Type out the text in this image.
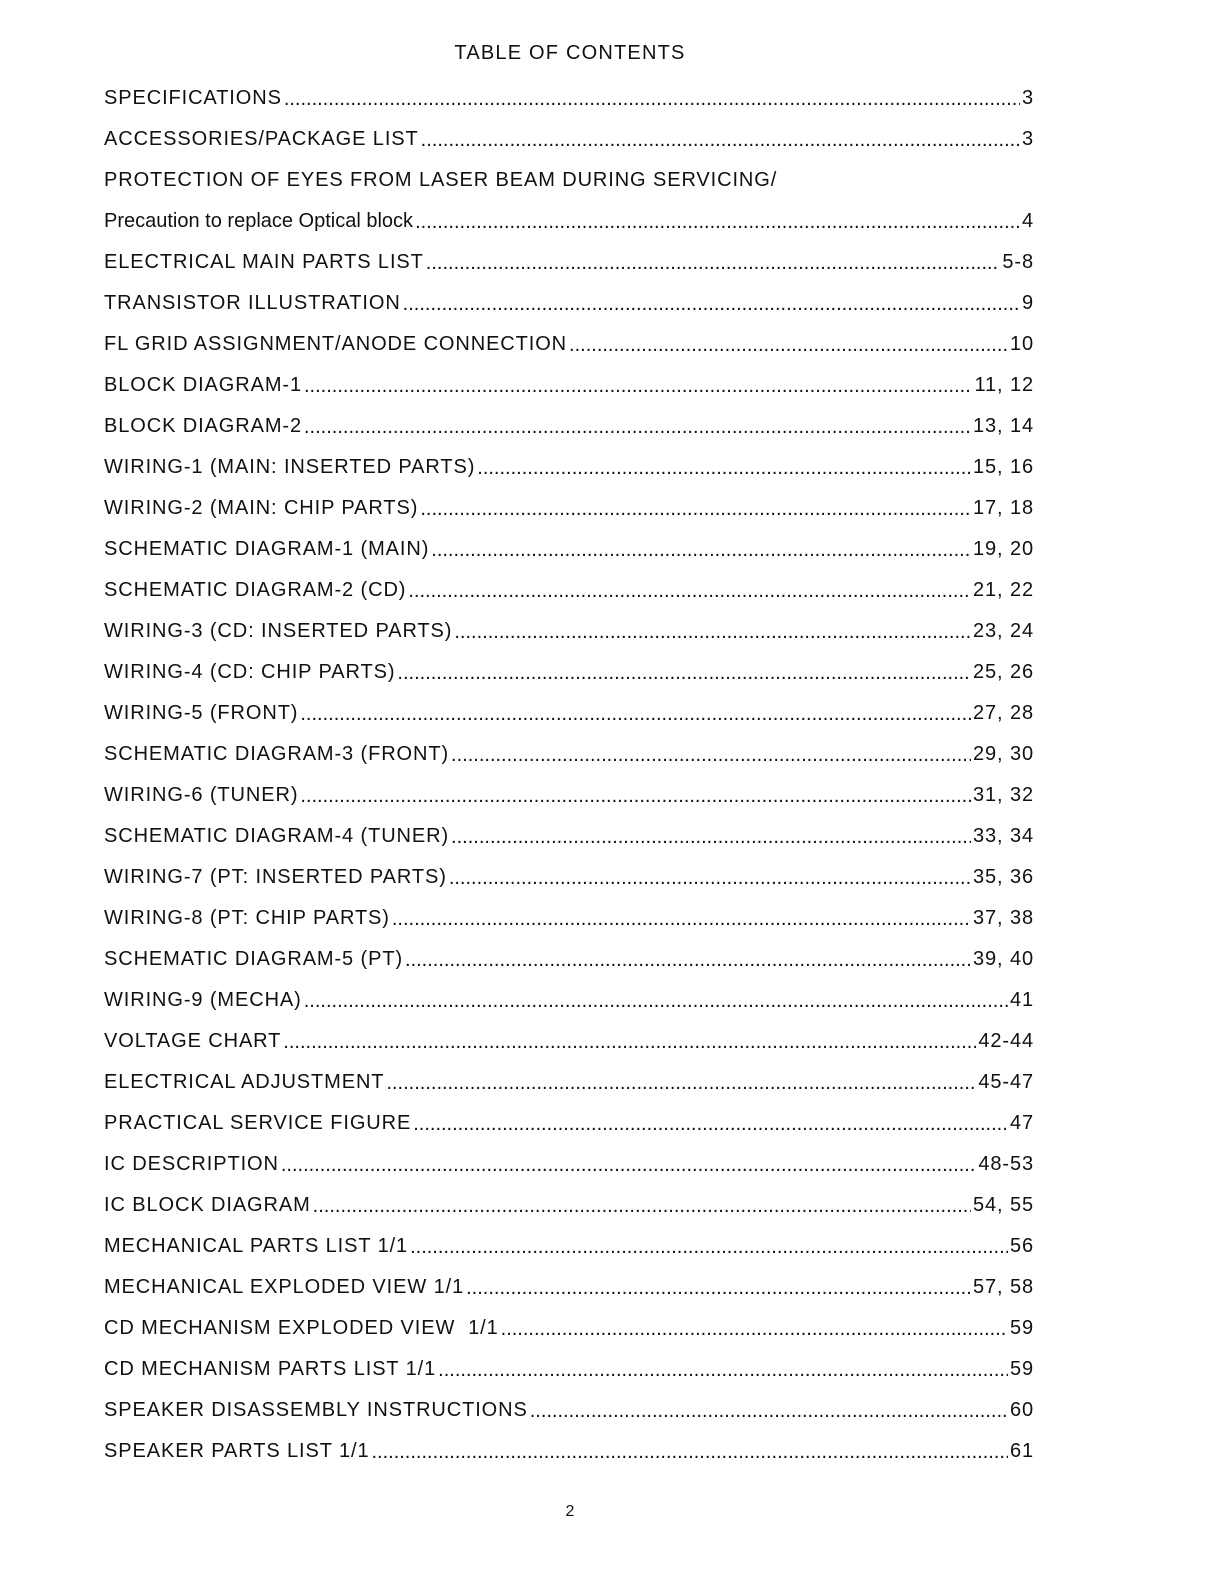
TABLE OF CONTENTS
SPECIFICATIONS .....	3
ACCESSORIES/PACKAGE LIST .....	3
PROTECTION OF EYES FROM LASER BEAM DURING SERVICING/
Precaution to replace Optical block .....	4
ELECTRICAL MAIN PARTS LIST .....	5-8
TRANSISTOR ILLUSTRATION .....	9
FL GRID ASSIGNMENT/ANODE CONNECTION .....	10
BLOCK DIAGRAM-1 .....	11, 12
BLOCK DIAGRAM-2 .....	13, 14
WIRING-1 (MAIN: INSERTED PARTS) .....	15, 16
WIRING-2 (MAIN: CHIP PARTS) .....	17, 18
SCHEMATIC DIAGRAM-1 (MAIN) .....	19, 20
SCHEMATIC DIAGRAM-2 (CD) .....	21, 22
WIRING-3 (CD: INSERTED PARTS) .....	23, 24
WIRING-4 (CD: CHIP PARTS) .....	25, 26
WIRING-5 (FRONT) .....	27, 28
SCHEMATIC DIAGRAM-3 (FRONT) .....	29, 30
WIRING-6 (TUNER) .....	31, 32
SCHEMATIC DIAGRAM-4 (TUNER) .....	33, 34
WIRING-7 (PT: INSERTED PARTS) .....	35, 36
WIRING-8 (PT: CHIP PARTS) .....	37, 38
SCHEMATIC DIAGRAM-5 (PT) .....	39, 40
WIRING-9 (MECHA) .....	41
VOLTAGE CHART .....	42-44
ELECTRICAL ADJUSTMENT .....	45-47
PRACTICAL SERVICE FIGURE .....	47
IC DESCRIPTION .....	48-53
IC BLOCK DIAGRAM .....	54, 55
MECHANICAL PARTS LIST 1/1 .....	56
MECHANICAL EXPLODED VIEW 1/1 .....	57, 58
CD MECHANISM EXPLODED VIEW  1/1 .....	59
CD MECHANISM PARTS LIST 1/1 .....	59
SPEAKER DISASSEMBLY INSTRUCTIONS .....	60
SPEAKER PARTS LIST 1/1 .....	61
2
